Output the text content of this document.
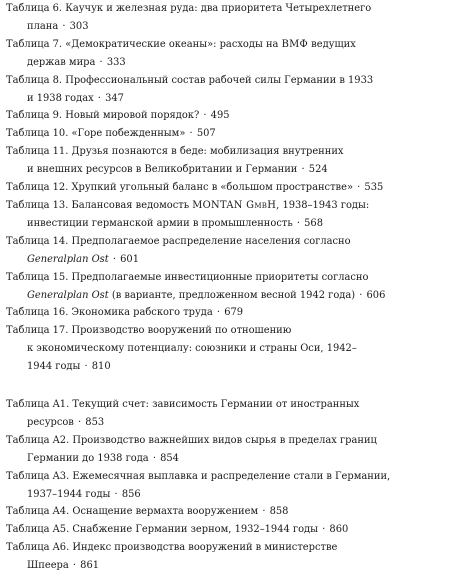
Таблица 6. Каучук и железная руда: два приоритета Четырехлетнего
плана · 303
Таблица 7. «Демократические океаны»: расходы на ВМФ ведущих
держав мира · 333
Таблица 8. Профессиональный состав рабочей силы Германии в 1933
и 1938 годах · 347
Таблица 9. Новый мировой порядок? · 495
Таблица 10. «Горе побежденным» · 507
Таблица 11. Друзья познаются в беде: мобилизация внутренних
и внешних ресурсов в Великобритании и Германии · 524
Таблица 12. Хрупкий угольный баланс в «большом пространстве» · 535
Таблица 13. Балансовая ведомость MONTAN GmbH, 1938–1943 годы:
инвестиции германской армии в промышленность · 568
Таблица 14. Предполагаемое распределение населения согласно
Generalplan Ost · 601
Таблица 15. Предполагаемые инвестиционные приоритеты согласно
Generalplan Ost (в варианте, предложенном весной 1942 года) · 606
Таблица 16. Экономика рабского труда · 679
Таблица 17. Производство вооружений по отношению
к экономическому потенциалу: союзники и страны Оси, 1942–
1944 годы · 810
Таблица A1. Текущий счет: зависимость Германии от иностранных
ресурсов · 853
Таблица A2. Производство важнейших видов сырья в пределах границ
Германии до 1938 года · 854
Таблица A3. Ежемесячная выплавка и распределение стали в Германии,
1937–1944 годы · 856
Таблица A4. Оснащение вермахта вооружением · 858
Таблица A5. Снабжение Германии зерном, 1932–1944 годы · 860
Таблица A6. Индекс производства вооружений в министерстве
Шпеера · 861
